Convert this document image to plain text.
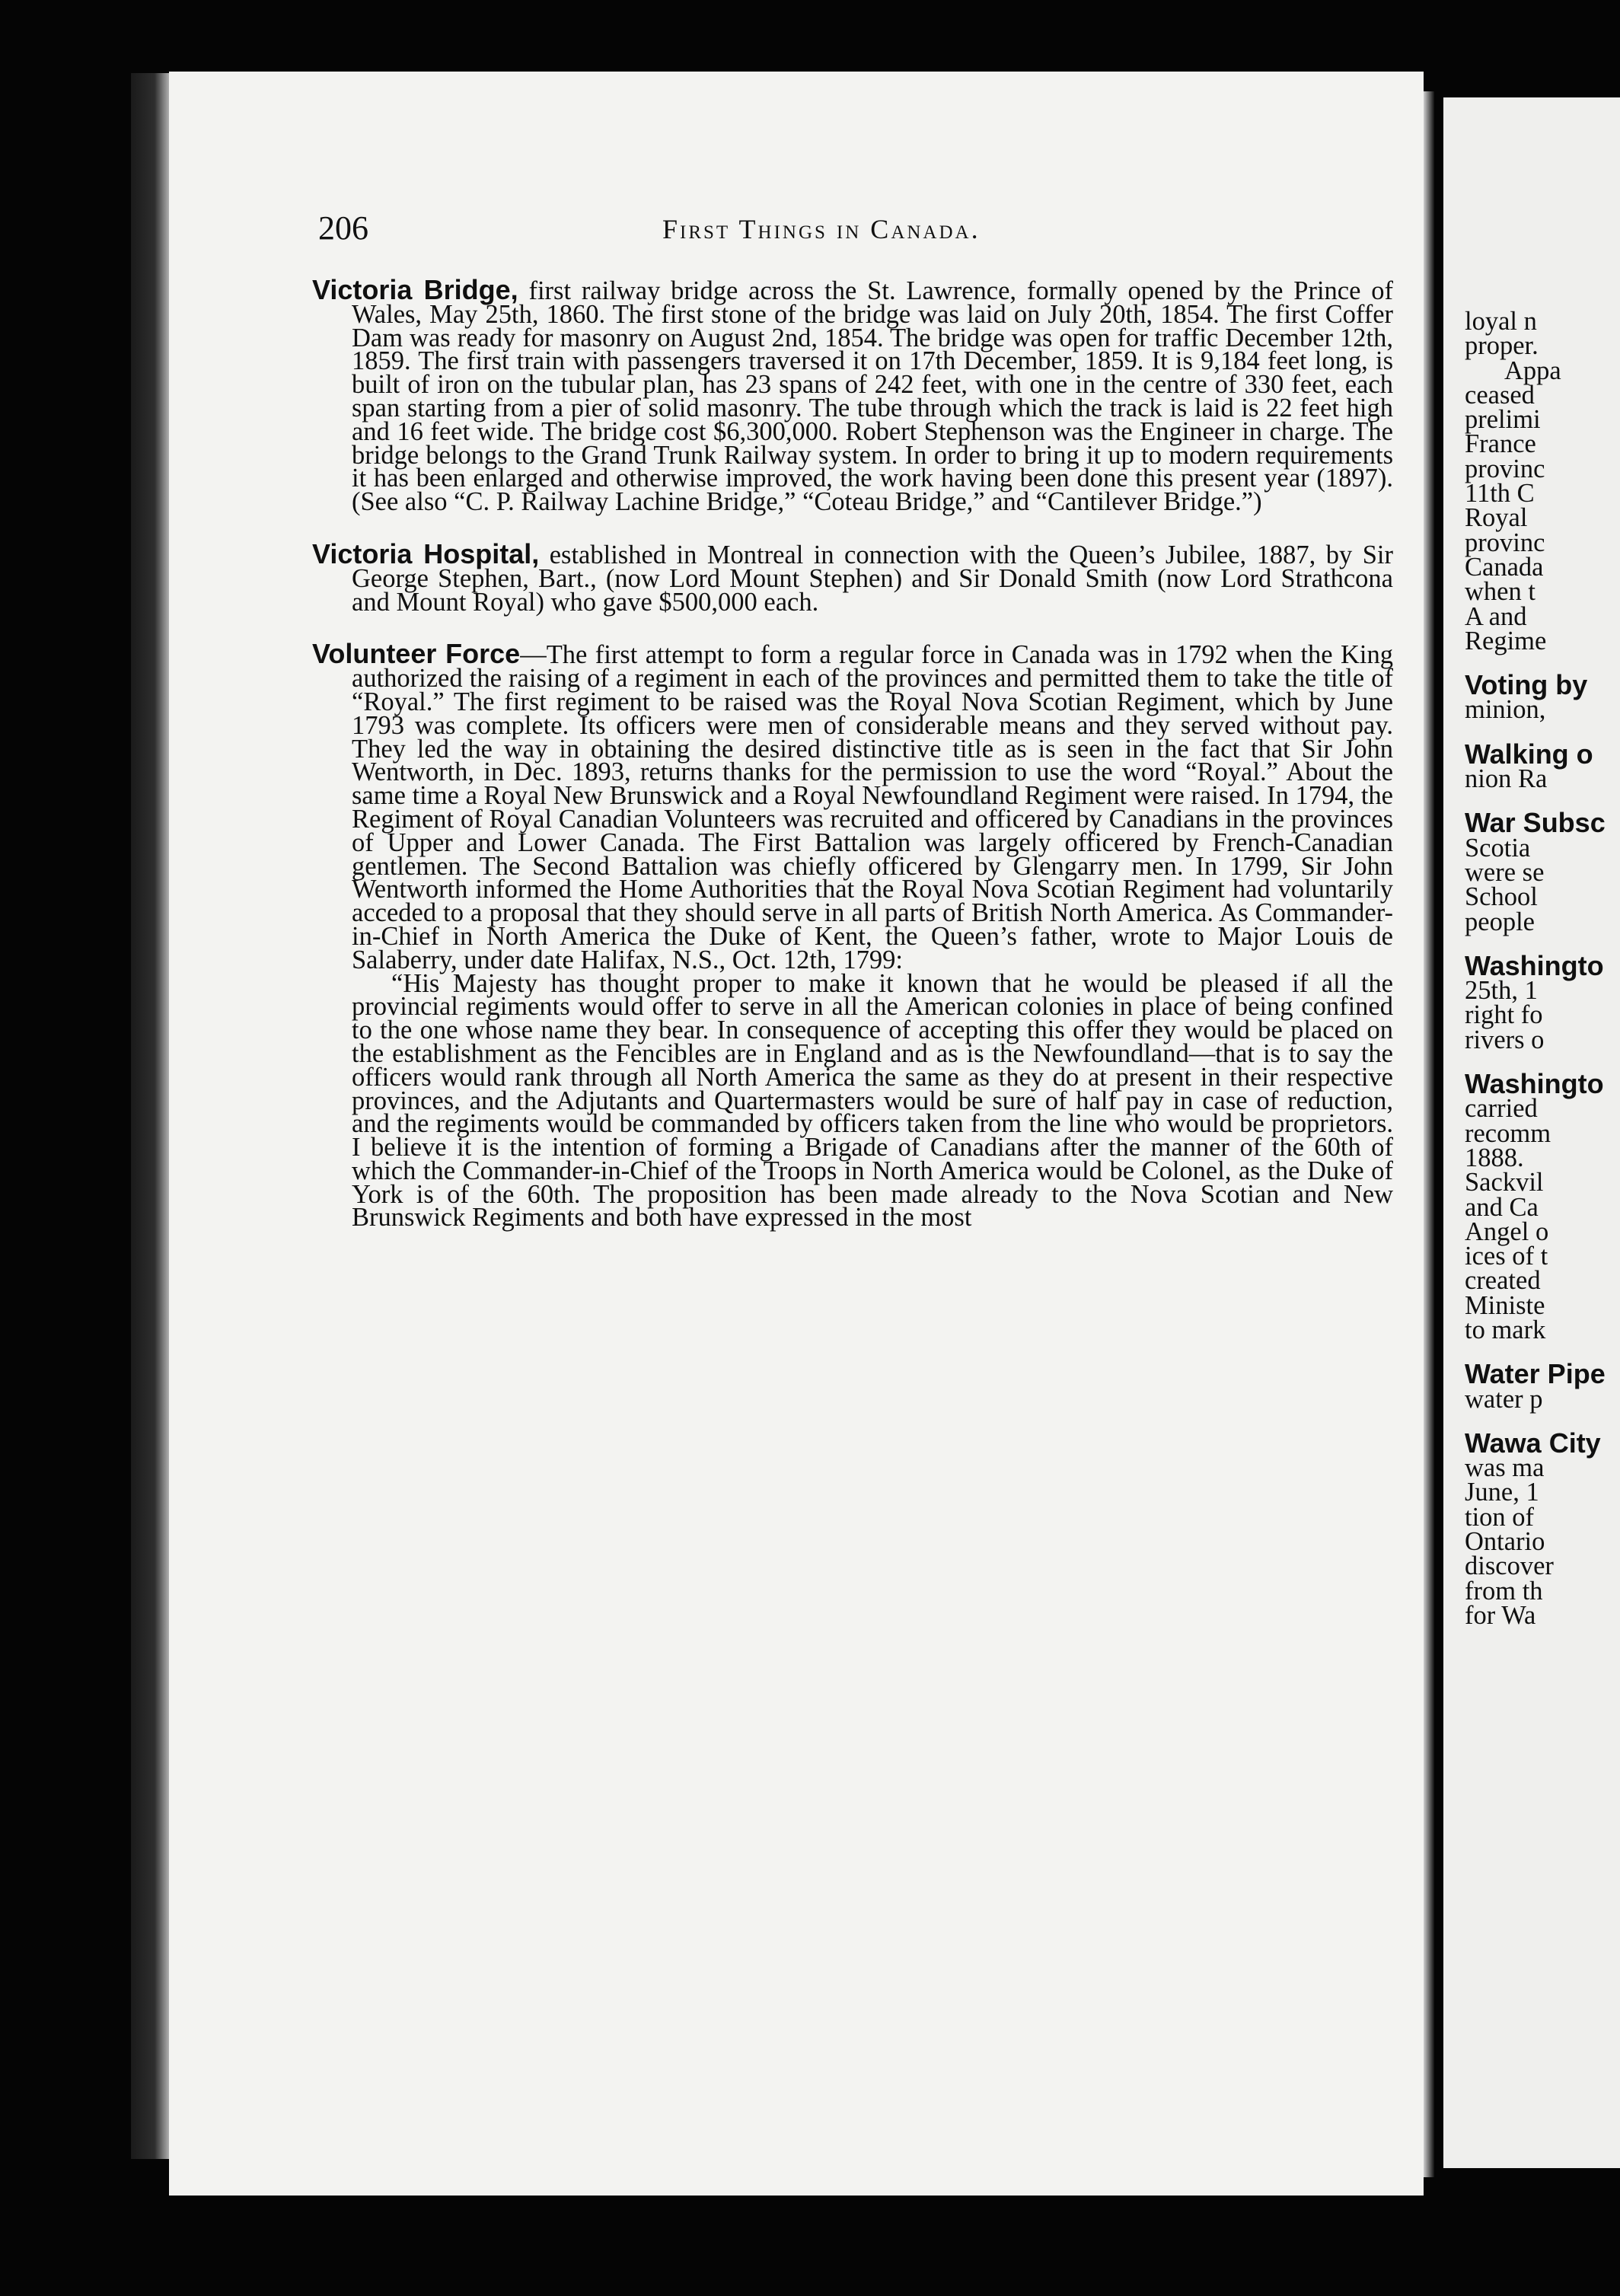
206	First Things in Canada.

Victoria Bridge, first railway bridge across the St. Lawrence, formally opened by the Prince of Wales, May 25th, 1860. The first stone of the bridge was laid on July 20th, 1854. The first Coffer Dam was ready for masonry on August 2nd, 1854. The bridge was open for traffic December 12th, 1859. The first train with passengers traversed it on 17th December, 1859. It is 9,184 feet long, is built of iron on the tubular plan, has 23 spans of 242 feet, with one in the centre of 330 feet, each span starting from a pier of solid masonry. The tube through which the track is laid is 22 feet high and 16 feet wide. The bridge cost $6,300,000. Robert Stephenson was the Engineer in charge. The bridge belongs to the Grand Trunk Railway system. In order to bring it up to modern requirements it has been enlarged and otherwise improved, the work having been done this present year (1897). (See also “C. P. Railway Lachine Bridge,” “Coteau Bridge,” and “Cantilever Bridge.”)

Victoria Hospital, established in Montreal in connection with the Queen’s Jubilee, 1887, by Sir George Stephen, Bart., (now Lord Mount Stephen) and Sir Donald Smith (now Lord Strathcona and Mount Royal) who gave $500,000 each.

Volunteer Force—The first attempt to form a regular force in Canada was in 1792 when the King authorized the raising of a regiment in each of the provinces and permitted them to take the title of “Royal.” The first regiment to be raised was the Royal Nova Scotian Regiment, which by June 1793 was complete. Its officers were men of considerable means and they served without pay. They led the way in obtaining the desired distinctive title as is seen in the fact that Sir John Wentworth, in Dec. 1893, returns thanks for the permission to use the word “Royal.” About the same time a Royal New Brunswick and a Royal Newfoundland Regiment were raised. In 1794, the Regiment of Royal Canadian Volunteers was recruited and officered by Canadians in the provinces of Upper and Lower Canada. The First Battalion was largely officered by French-Canadian gentlemen. The Second Battalion was chiefly officered by Glengarry men. In 1799, Sir John Wentworth informed the Home Authorities that the Royal Nova Scotian Regiment had voluntarily acceded to a proposal that they should serve in all parts of British North America. As Commander-in-Chief in North America the Duke of Kent, the Queen’s father, wrote to Major Louis de Salaberry, under date Halifax, N.S., Oct. 12th, 1799:

“His Majesty has thought proper to make it known that he would be pleased if all the provincial regiments would offer to serve in all the American colonies in place of being confined to the one whose name they bear. In consequence of accepting this offer they would be placed on the establishment as the Fencibles are in England and as is the Newfoundland—that is to say the officers would rank through all North America the same as they do at present in their respective provinces, and the Adjutants and Quartermasters would be sure of half pay in case of reduction, and the regiments would be commanded by officers taken from the line who would be proprietors. I believe it is the intention of forming a Brigade of Canadians after the manner of the 60th of which the Commander-in-Chief of the Troops in North America would be Colonel, as the Duke of York is of the 60th. The proposition has been made already to the Nova Scotian and New Brunswick Regiments and both have expressed in the most

loyal n
proper.
Appa
ceased
prelimi
France
provinc
11th C
Royal
provinc
Canada
when t
A and
Regime
Voting by
minion,
Walking o
nion Ra
War Subsc
Scotia
were se
School
people
Washingto
25th, 1
right fo
rivers o
Washingto
carried
recomm
1888.
Sackvil
and Ca
Angel o
ices of t
created
Ministe
to mark
Water Pipe
water p
Wawa City
was ma
June, 1
tion of
Ontario
discover
from th
for Wa
